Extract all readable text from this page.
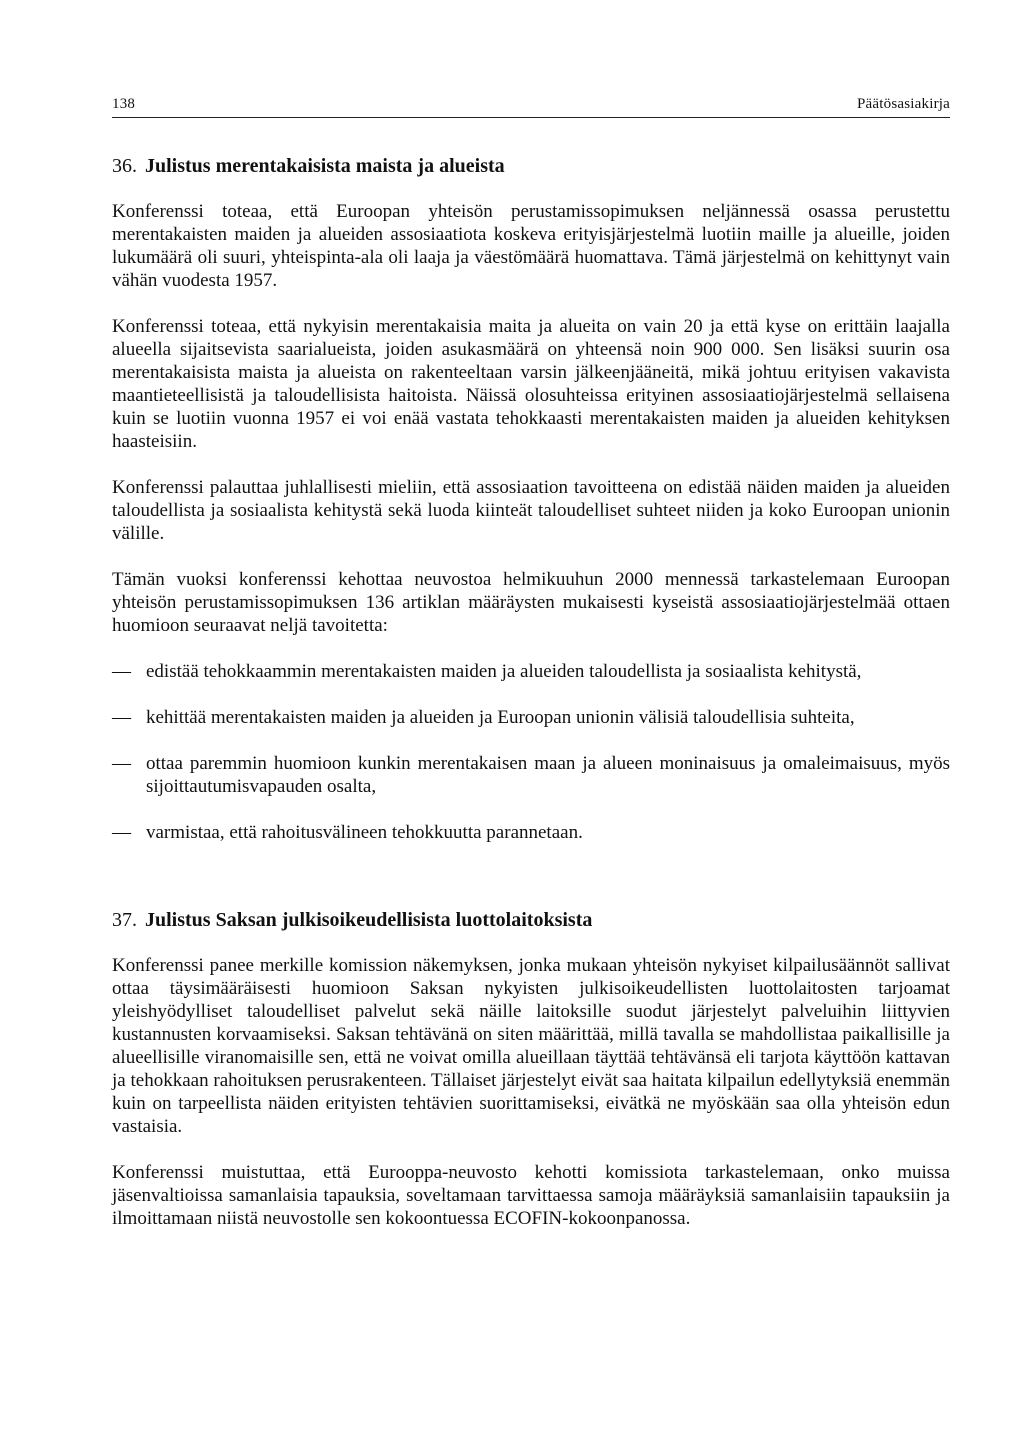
138	Päätösasiakirja
36. Julistus merentakaisista maista ja alueista

Konferenssi toteaa, että Euroopan yhteisön perustamissopimuksen neljännessä osassa perustettu merentakaisten maiden ja alueiden assosiaatiota koskeva erityisjärjestelmä luotiin maille ja alueille, joiden lukumäärä oli suuri, yhteispinta-ala oli laaja ja väestömäärä huomattava. Tämä järjestelmä on kehittynyt vain vähän vuodesta 1957.

Konferenssi toteaa, että nykyisin merentakaisia maita ja alueita on vain 20 ja että kyse on erittäin laajalla alueella sijaitsevista saarialueista, joiden asukasmäärä on yhteensä noin 900 000. Sen lisäksi suurin osa merentakaisista maista ja alueista on rakenteeltaan varsin jälkeenjääneitä, mikä johtuu erityisen vakavista maantieteellisistä ja taloudellisista haitoista. Näissä olosuhteissa erityinen assosiaatiojärjestelmä sellaisena kuin se luotiin vuonna 1957 ei voi enää vastata tehokkaasti merentakaisten maiden ja alueiden kehityksen haasteisiin.

Konferenssi palauttaa juhlallisesti mieliin, että assosiaation tavoitteena on edistää näiden maiden ja alueiden taloudellista ja sosiaalista kehitystä sekä luoda kiinteät taloudelliset suhteet niiden ja koko Euroopan unionin välille.

Tämän vuoksi konferenssi kehottaa neuvostoa helmikuuhun 2000 mennessä tarkastelemaan Euroopan yhteisön perustamissopimuksen 136 artiklan määräysten mukaisesti kyseistä assosiaatiojärjestelmää ottaen huomioon seuraavat neljä tavoitetta:

— edistää tehokkaammin merentakaisten maiden ja alueiden taloudellista ja sosiaalista kehitystä,
— kehittää merentakaisten maiden ja alueiden ja Euroopan unionin välisiä taloudellisia suhteita,
— ottaa paremmin huomioon kunkin merentakaisen maan ja alueen moninaisuus ja omaleimaisuus, myös sijoittautumisvapauden osalta,
— varmistaa, että rahoitusvälineen tehokkuutta parannetaan.
37. Julistus Saksan julkisoikeudellisista luottolaitoksista

Konferenssi panee merkille komission näkemyksen, jonka mukaan yhteisön nykyiset kilpailusäännöt sallivat ottaa täysimääräisesti huomioon Saksan nykyisten julkisoikeudellisten luottolaitosten tarjoamat yleishyödylliset taloudelliset palvelut sekä näille laitoksille suodut järjestelyt palveluihin liittyvien kustannusten korvaamiseksi. Saksan tehtävänä on siten määrittää, millä tavalla se mahdollistaa paikallisille ja alueellisille viranomaisille sen, että ne voivat omilla alueillaan täyttää tehtävänsä eli tarjota käyttöön kattavan ja tehokkaan rahoituksen perusrakenteen. Tällaiset järjestelyt eivät saa haitata kilpailun edellytyksiä enemmän kuin on tarpeellista näiden erityisten tehtävien suorittamiseksi, eivätkä ne myöskään saa olla yhteisön edun vastaisia.

Konferenssi muistuttaa, että Eurooppa-neuvosto kehotti komissiota tarkastelemaan, onko muissa jäsenvaltioissa samanlaisia tapauksia, soveltamaan tarvittaessa samoja määräyksiä samanlaisiin tapauksiin ja ilmoittamaan niistä neuvostolle sen kokoontuessa ECOFIN-kokoonpanossa.
